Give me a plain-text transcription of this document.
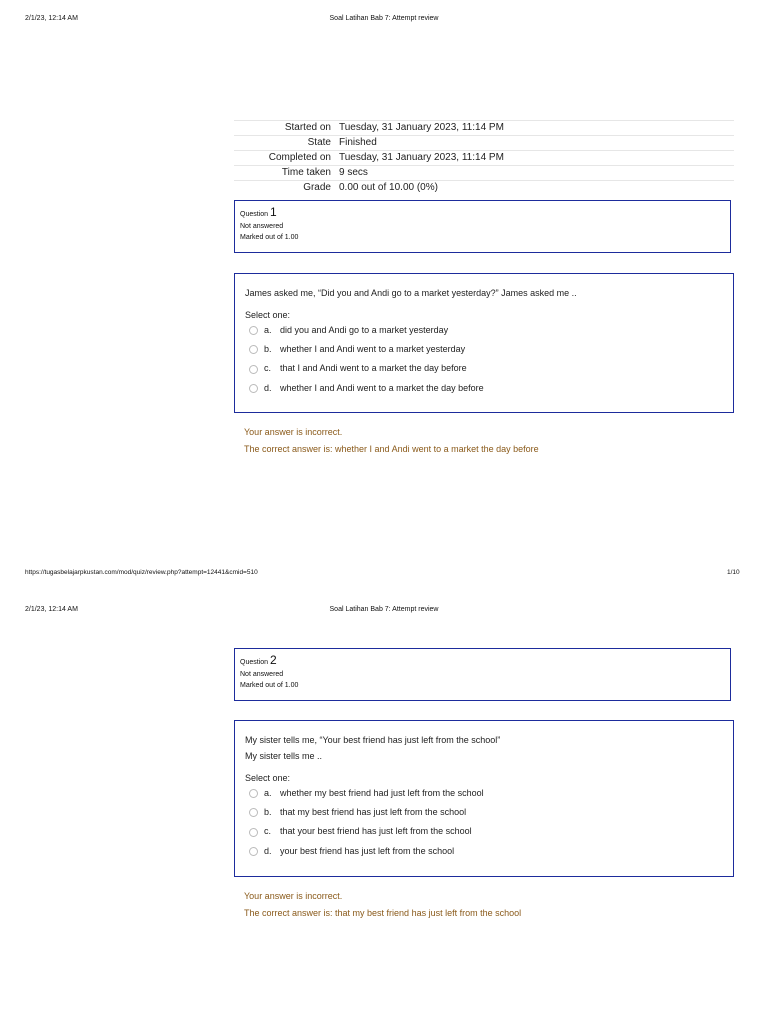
2/1/23, 12:14 AM	Soal Latihan Bab 7: Attempt review
Started on	Tuesday, 31 January 2023, 11:14 PM
State	Finished
Completed on	Tuesday, 31 January 2023, 11:14 PM
Time taken	9 secs
Grade	0.00 out of 10.00 (0%)
Question 1
Not answered
Marked out of 1.00
James asked me, “Did you and Andi go to a market yesterday?” James asked me ..
Select one:
a. did you and Andi go to a market yesterday
b. whether I and Andi went to a market yesterday
c. that I and Andi went to a market the day before
d. whether I and Andi went to a market the day before
Your answer is incorrect.
The correct answer is: whether I and Andi went to a market the day before
https://tugasbelajarpkustan.com/mod/quiz/review.php?attempt=12441&cmid=510	1/10
2/1/23, 12:14 AM	Soal Latihan Bab 7: Attempt review
Question 2
Not answered
Marked out of 1.00
My sister tells me, “Your best friend has just left from the school”
My sister tells me ..
Select one:
a. whether my best friend had just left from the school
b. that my best friend has just left from the school
c. that your best friend has just left from the school
d. your best friend has just left from the school
Your answer is incorrect.
The correct answer is: that my best friend has just left from the school
